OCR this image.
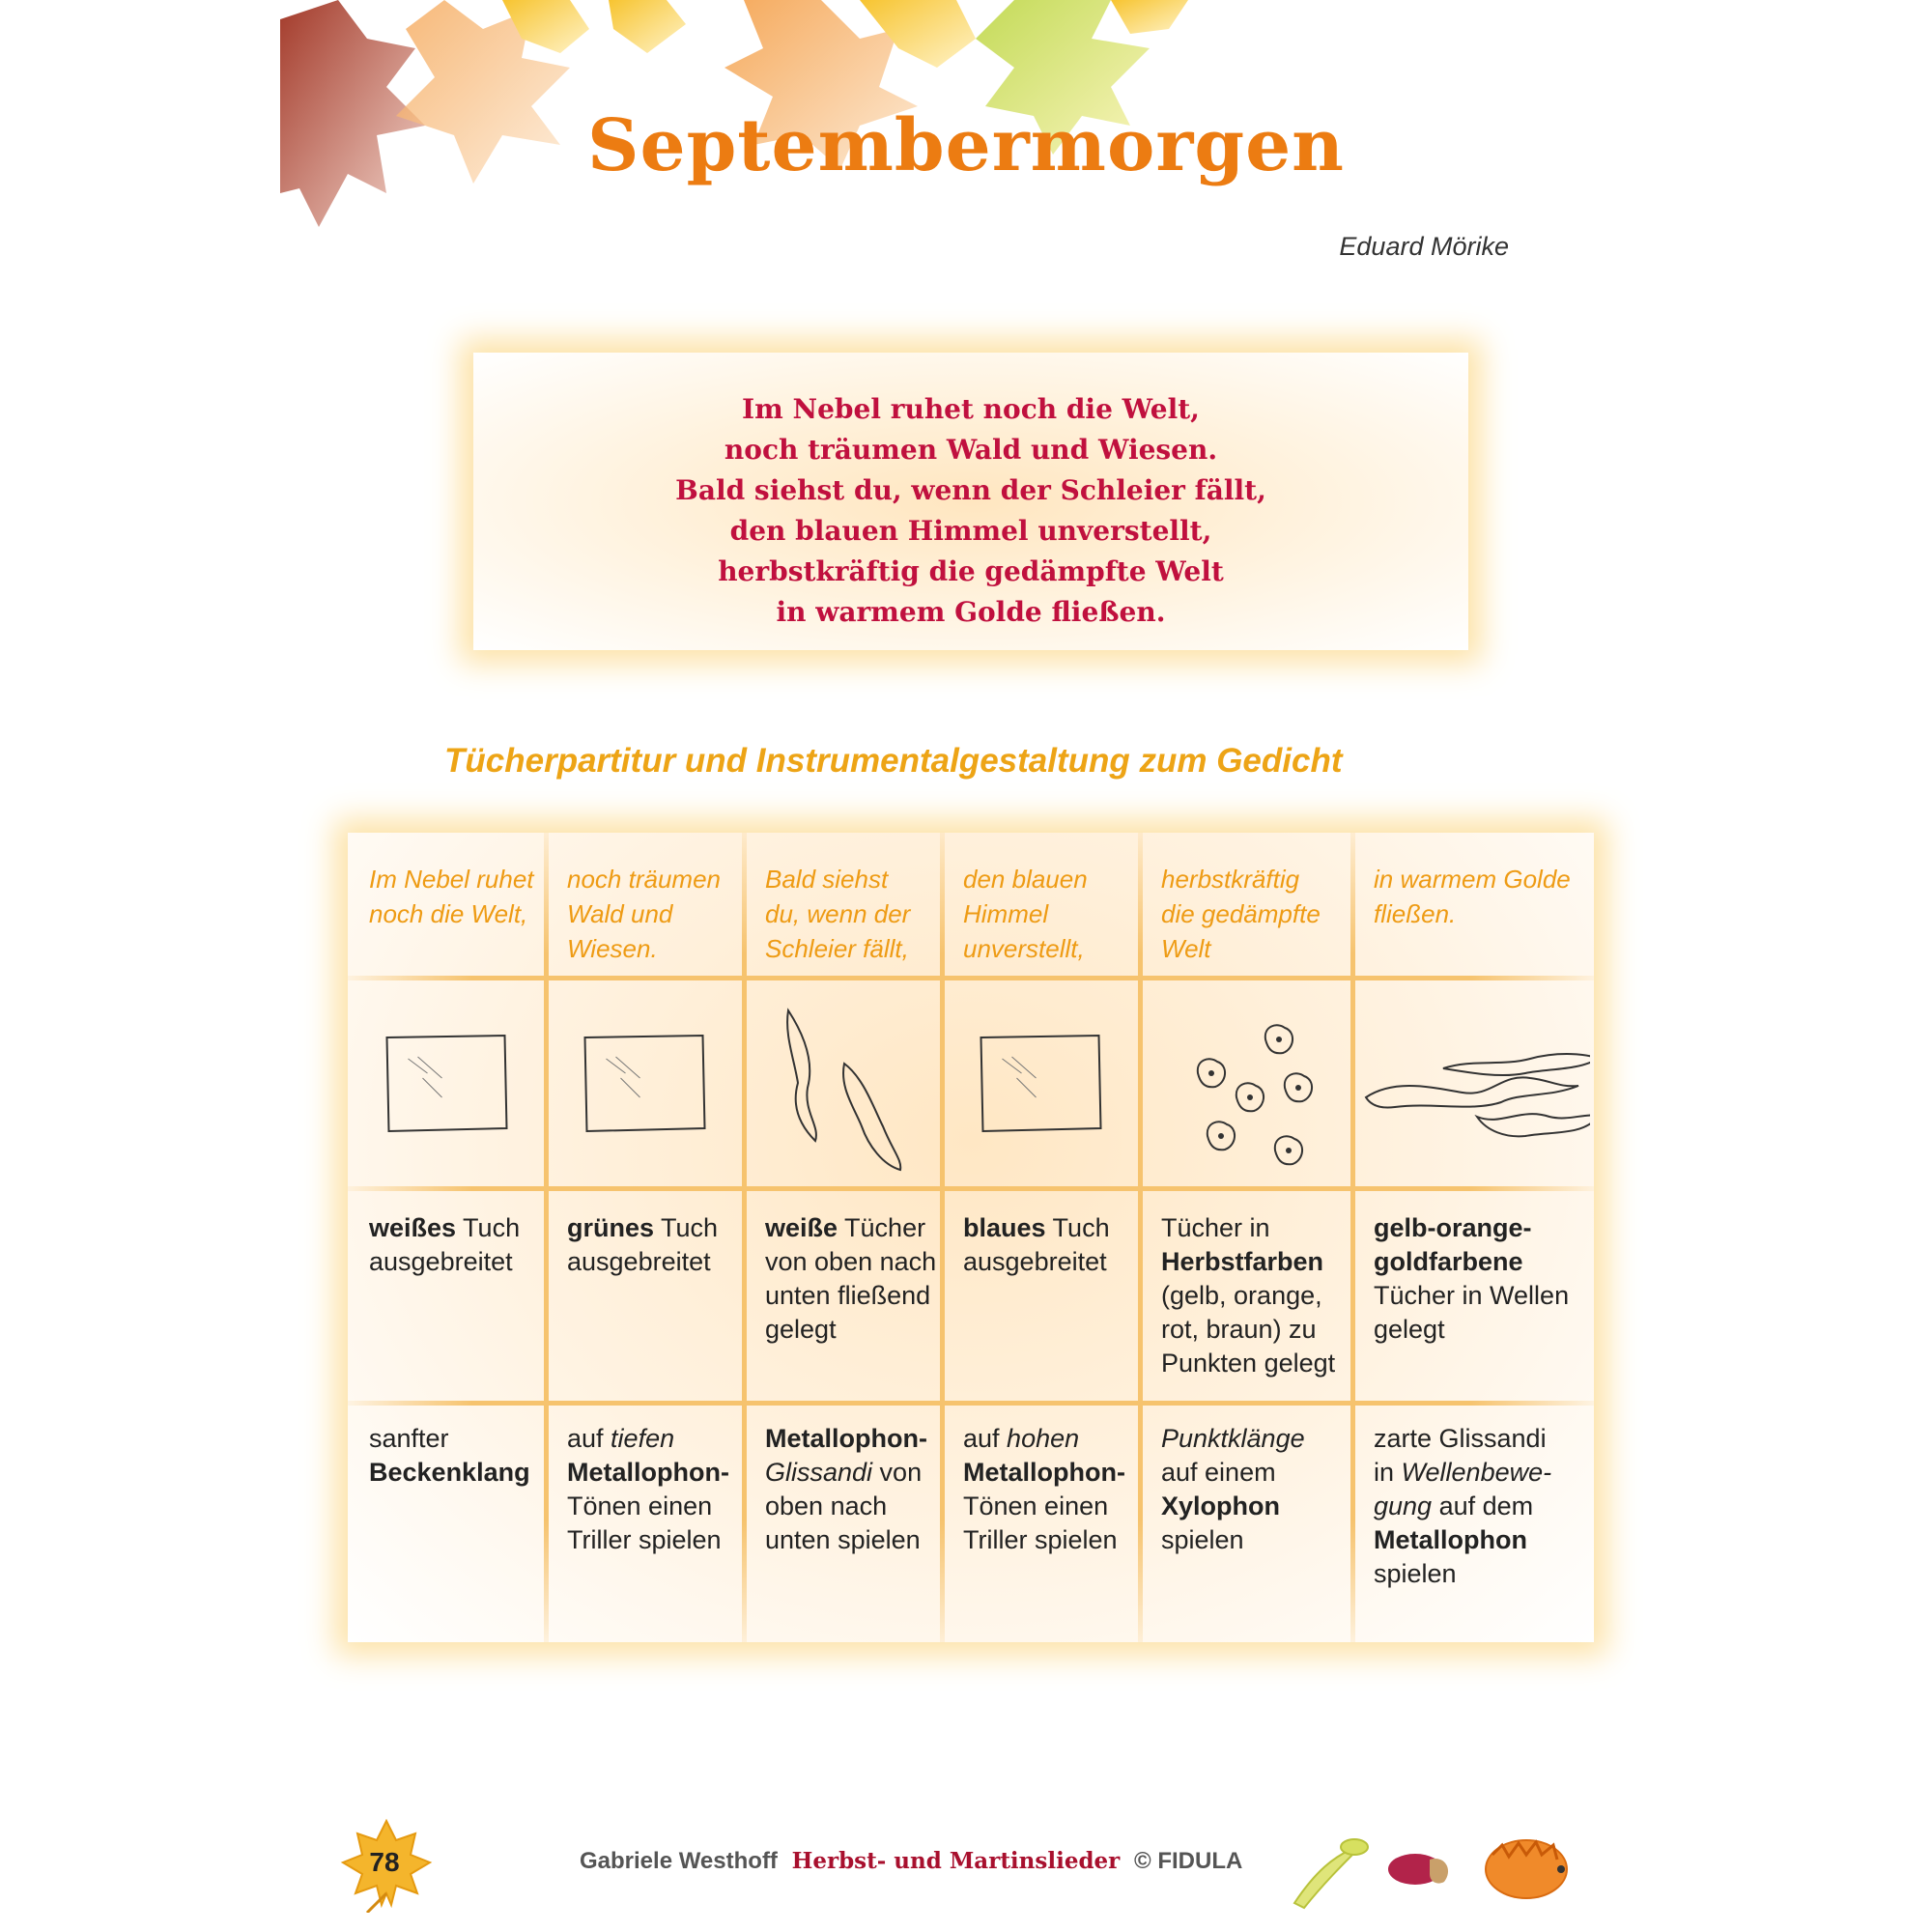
Septembermorgen
Eduard Mörike
Im Nebel ruhet noch die Welt,
noch träumen Wald und Wiesen.
Bald siehst du, wenn der Schleier fällt,
den blauen Himmel unverstellt,
herbstkräftig die gedämpfte Welt
in warmem Golde fließen.
Tücherpartitur und Instrumentalgestaltung zum Gedicht
Im Nebel ruhet
noch die Welt,
weißes Tuch
ausgebreitet
sanfter
Beckenklang
noch träumen
Wald und
Wiesen.
grünes Tuch
ausgebreitet
auf tiefen
Metallophon-
Tönen einen
Triller spielen
Bald siehst
du, wenn der
Schleier fällt,
weiße Tücher
von oben nach
unten fließend
gelegt
Metallophon-
Glissandi von
oben nach
unten spielen
den blauen
Himmel
unverstellt,
blaues Tuch
ausgebreitet
auf hohen
Metallophon-
Tönen einen
Triller spielen
herbstkräftig
die gedämpfte
Welt
Tücher in
Herbstfarben
(gelb, orange,
rot, braun) zu
Punkten gelegt
Punktklänge
auf einem
Xylophon
spielen
in warmem Golde
fließen.
gelb-orange-
goldfarbene
Tücher in Wellen
gelegt
zarte Glissandi
in Wellenbewe-
gung auf dem
Metallophon
spielen
78	Gabriele Westhoff Herbst- und Martinslieder © FIDULA
